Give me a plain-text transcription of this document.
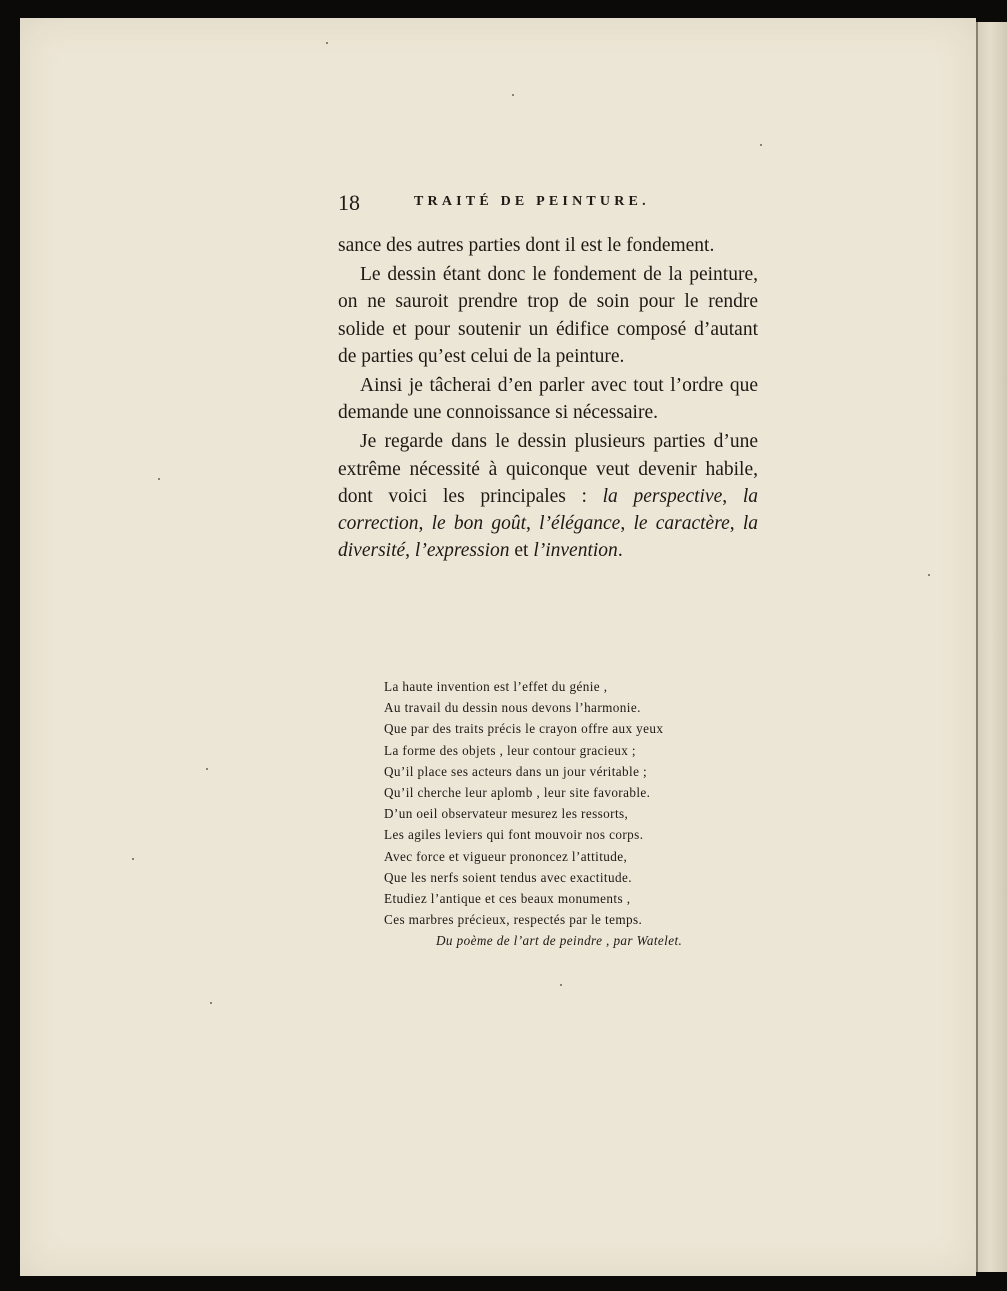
18	TRAITÉ DE PEINTURE.

sance des autres parties dont il est le fondement.

Le dessin étant donc le fondement de la peinture, on ne sauroit prendre trop de soin pour le rendre solide et pour soutenir un édifice composé d’autant de parties qu’est celui de la peinture.

Ainsi je tâcherai d’en parler avec tout l’ordre que demande une connoissance si nécessaire.

Je regarde dans le dessin plusieurs parties d’une extrême nécessité à quiconque veut devenir habile, dont voici les principales : la perspective, la correction, le bon goût, l’élégance, le caractère, la diversité, l’expression et l’invention.

La haute invention est l’effet du génie ,
Au travail du dessin nous devons l’harmonie.
Que par des traits précis le crayon offre aux yeux
La forme des objets , leur contour gracieux ;
Qu’il place ses acteurs dans un jour véritable ;
Qu’il cherche leur aplomb , leur site favorable.
D’un oeil observateur mesurez les ressorts,
Les agiles leviers qui font mouvoir nos corps.
Avec force et vigueur prononcez l’attitude,
Que les nerfs soient tendus avec exactitude.
Etudiez l’antique et ces beaux monuments ,
Ces marbres précieux, respectés par le temps.
Du poème de l’art de peindre , par Watelet.
